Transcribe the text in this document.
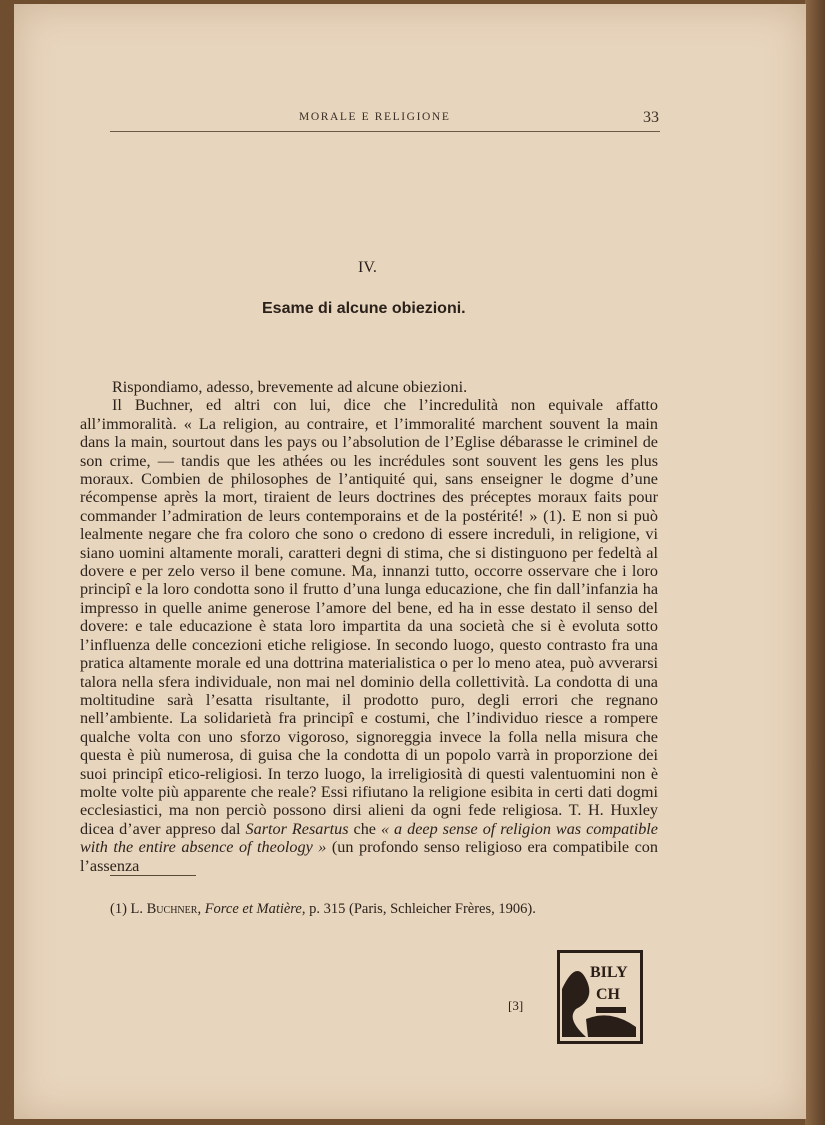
MORALE E RELIGIONE	33
IV.
Esame di alcune obiezioni.

Rispondiamo, adesso, brevemente ad alcune obiezioni.

Il Buchner, ed altri con lui, dice che l’incredulità non equivale affatto all’immoralità. « La religion, au contraire, et l’immoralité marchent souvent la main dans la main, sourtout dans les pays ou l’absolution de l’Eglise débarasse le criminel de son crime, — tandis que les athées ou les incrédules sont souvent les gens les plus moraux. Combien de philosophes de l’antiquité qui, sans enseigner le dogme d’une récompense après la mort, tiraient de leurs doctrines des préceptes moraux faits pour commander l’admiration de leurs contemporains et de la postérité! » (1). E non si può lealmente negare che fra coloro che sono o credono di essere increduli, in religione, vi siano uomini altamente morali, caratteri degni di stima, che si distinguono per fedeltà al dovere e per zelo verso il bene comune. Ma, innanzi tutto, occorre osservare che i loro principî e la loro condotta sono il frutto d’una lunga educazione, che fin dall’infanzia ha impresso in quelle anime generose l’amore del bene, ed ha in esse destato il senso del dovere: e tale educazione è stata loro impartita da una società che si è evoluta sotto l’influenza delle concezioni etiche religiose. In secondo luogo, questo contrasto fra una pratica altamente morale ed una dottrina materialistica o per lo meno atea, può avverarsi talora nella sfera individuale, non mai nel dominio della collettività. La condotta di una moltitudine sarà l’esatta risultante, il prodotto puro, degli errori che regnano nell’ambiente. La solidarietà fra principî e costumi, che l’individuo riesce a rompere qualche volta con uno sforzo vigoroso, signoreggia invece la folla nella misura che questa è più numerosa, di guisa che la condotta di un popolo varrà in proporzione dei suoi principî etico-religiosi. In terzo luogo, la irreligiosità di questi valentuomini non è molte volte più apparente che reale? Essi rifiutano la religione esibita in certi dati dogmi ecclesiastici, ma non perciò possono dirsi alieni da ogni fede religiosa. T. H. Huxley dicea d’aver appreso dal Sartor Resartus che « a deep sense of religion was compatible with the entire absence of theology » (un profondo senso religioso era compatibile con l’assenza

(1) L. Buchner, Force et Matière, p. 315 (Paris, Schleicher Frères, 1906).
[3]
BILY
CH
